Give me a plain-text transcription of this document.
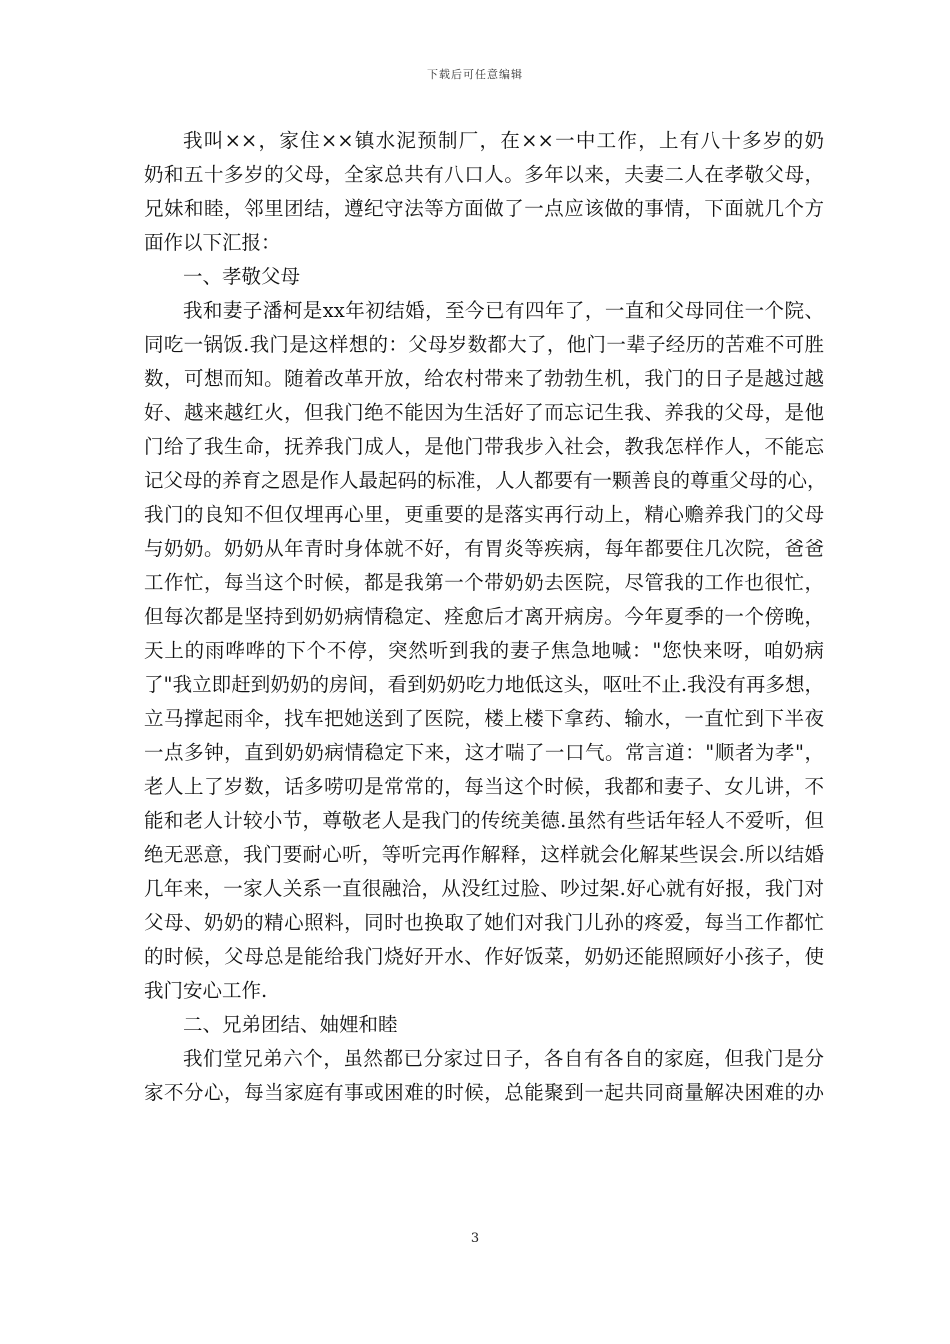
下载后可任意编辑
我叫××，家住××镇水泥预制厂，在××一中工作，上有八十多岁的奶
奶和五十多岁的父母，全家总共有八口人。多年以来，夫妻二人在孝敬父母，
兄妹和睦，邻里团结，遵纪守法等方面做了一点应该做的事情，下面就几个方
面作以下汇报：
一、孝敬父母
我和妻子潘柯是xx年初结婚，至今已有四年了，一直和父母同住一个院、
同吃一锅饭.我门是这样想的：父母岁数都大了，他门一辈子经历的苦难不可胜
数，可想而知。随着改革开放，给农村带来了勃勃生机，我门的日子是越过越
好、越来越红火，但我门绝不能因为生活好了而忘记生我、养我的父母，是他
门给了我生命，抚养我门成人，是他门带我步入社会，教我怎样作人，不能忘
记父母的养育之恩是作人最起码的标准，人人都要有一颗善良的尊重父母的心，
我门的良知不但仅埋再心里，更重要的是落实再行动上，精心赡养我门的父母
与奶奶。奶奶从年青时身体就不好，有胃炎等疾病，每年都要住几次院，爸爸
工作忙，每当这个时候，都是我第一个带奶奶去医院，尽管我的工作也很忙，
但每次都是坚持到奶奶病情稳定、痊愈后才离开病房。今年夏季的一个傍晚，
天上的雨哗哗的下个不停，突然听到我的妻子焦急地喊："您快来呀，咱奶病
了"我立即赶到奶奶的房间，看到奶奶吃力地低这头，呕吐不止.我没有再多想，
立马撑起雨伞，找车把她送到了医院，楼上楼下拿药、输水，一直忙到下半夜
一点多钟，直到奶奶病情稳定下来，这才喘了一口气。常言道："顺者为孝"，
老人上了岁数，话多唠叨是常常的，每当这个时候，我都和妻子、女儿讲，不
能和老人计较小节，尊敬老人是我门的传统美德.虽然有些话年轻人不爱听，但
绝无恶意，我门要耐心听，等听完再作解释，这样就会化解某些误会.所以结婚
几年来，一家人关系一直很融洽，从没红过脸、吵过架.好心就有好报，我门对
父母、奶奶的精心照料，同时也换取了她们对我门儿孙的疼爱，每当工作都忙
的时候，父母总是能给我门烧好开水、作好饭菜，奶奶还能照顾好小孩子，使
我门安心工作.
二、兄弟团结、妯娌和睦
我们堂兄弟六个，虽然都已分家过日子，各自有各自的家庭，但我门是分
家不分心，每当家庭有事或困难的时候，总能聚到一起共同商量解决困难的办
3
